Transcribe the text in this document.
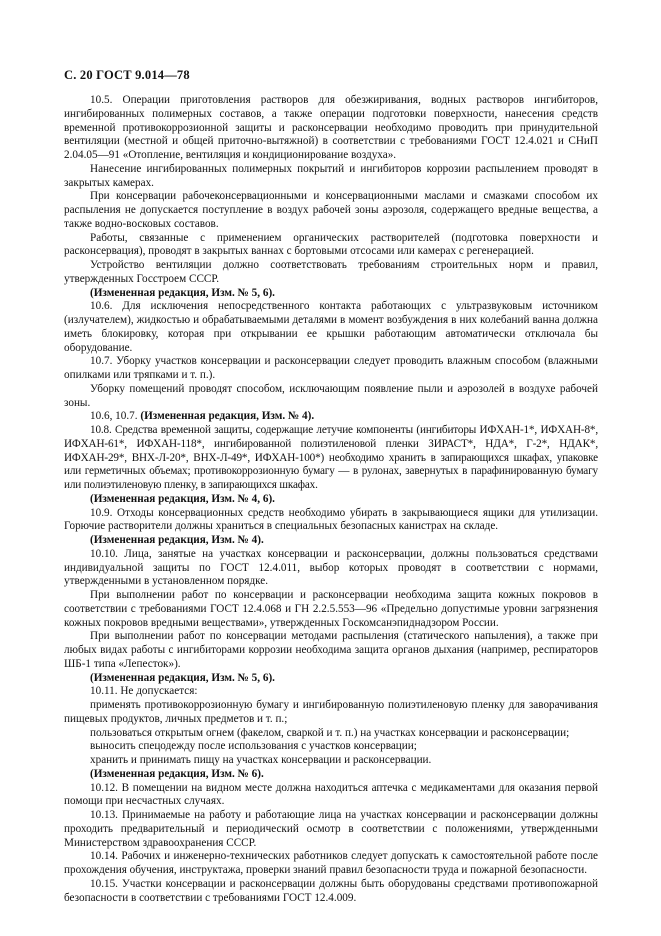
С. 20 ГОСТ 9.014—78

10.5. Операции приготовления растворов для обезжиривания, водных растворов ингибиторов, ингибированных полимерных составов, а также операции подготовки поверхности, нанесения средств временной противокоррозионной защиты и расконсервации необходимо проводить при принудительной вентиляции (местной и общей приточно-вытяжной) в соответствии с требованиями ГОСТ 12.4.021 и СНиП 2.04.05—91 «Отопление, вентиляция и кондиционирование воздуха».

Нанесение ингибированных полимерных покрытий и ингибиторов коррозии распылением проводят в закрытых камерах.

При консервации рабочеконсервационными и консервационными маслами и смазками способом их распыления не допускается поступление в воздух рабочей зоны аэрозоля, содержащего вредные вещества, а также водно-восковых составов.

Работы, связанные с применением органических растворителей (подготовка поверхности и расконсервация), проводят в закрытых ваннах с бортовыми отсосами или камерах с регенерацией.

Устройство вентиляции должно соответствовать требованиям строительных норм и правил, утвержденных Госстроем СССР.

(Измененная редакция, Изм. № 5, 6).

10.6. Для исключения непосредственного контакта работающих с ультразвуковым источником (излучателем), жидкостью и обрабатываемыми деталями в момент возбуждения в них колебаний ванна должна иметь блокировку, которая при открывании ее крышки работающим автоматически отключала бы оборудование.

10.7. Уборку участков консервации и расконсервации следует проводить влажным способом (влажными опилками или тряпками и т. п.).

Уборку помещений проводят способом, исключающим появление пыли и аэрозолей в воздухе рабочей зоны.

10.6, 10.7. (Измененная редакция, Изм. № 4).

10.8. Средства временной защиты, содержащие летучие компоненты (ингибиторы ИФХАН-1*, ИФХАН-8*, ИФХАН-61*, ИФХАН-118*, ингибированной полиэтиленовой пленки ЗИРАСТ*, НДА*, Г-2*, НДАК*, ИФХАН-29*, ВНХ-Л-20*, ВНХ-Л-49*, ИФХАН-100*) необходимо хранить в запирающихся шкафах, упаковке или герметичных объемах; противокоррозионную бумагу — в рулонах, завернутых в парафинированную бумагу или полиэтиленовую пленку, в запирающихся шкафах.

(Измененная редакция, Изм. № 4, 6).

10.9. Отходы консервационных средств необходимо убирать в закрывающиеся ящики для утилизации. Горючие растворители должны храниться в специальных безопасных канистрах на складе.

(Измененная редакция, Изм. № 4).

10.10. Лица, занятые на участках консервации и расконсервации, должны пользоваться средствами индивидуальной защиты по ГОСТ 12.4.011, выбор которых проводят в соответствии с нормами, утвержденными в установленном порядке.

При выполнении работ по консервации и расконсервации необходима защита кожных покровов в соответствии с требованиями ГОСТ 12.4.068 и ГН 2.2.5.553—96 «Предельно допустимые уровни загрязнения кожных покровов вредными веществами», утвержденных Госкомсанэпиднадзором России.

При выполнении работ по консервации методами распыления (статического напыления), а также при любых видах работы с ингибиторами коррозии необходима защита органов дыхания (например, респираторов ШБ-1 типа «Лепесток»).

(Измененная редакция, Изм. № 5, 6).

10.11. Не допускается:

применять противокоррозионную бумагу и ингибированную полиэтиленовую пленку для заворачивания пищевых продуктов, личных предметов и т. п.;

пользоваться открытым огнем (факелом, сваркой и т. п.) на участках консервации и расконсервации;

выносить спецодежду после использования с участков консервации;

хранить и принимать пищу на участках консервации и расконсервации.

(Измененная редакция, Изм. № 6).

10.12. В помещении на видном месте должна находиться аптечка с медикаментами для оказания первой помощи при несчастных случаях.

10.13. Принимаемые на работу и работающие лица на участках консервации и расконсервации должны проходить предварительный и периодический осмотр в соответствии с положениями, утвержденными Министерством здравоохранения СССР.

10.14. Рабочих и инженерно-технических работников следует допускать к самостоятельной работе после прохождения обучения, инструктажа, проверки знаний правил безопасности труда и пожарной безопасности.

10.15. Участки консервации и расконсервации должны быть оборудованы средствами противопожарной безопасности в соответствии с требованиями ГОСТ 12.4.009.
